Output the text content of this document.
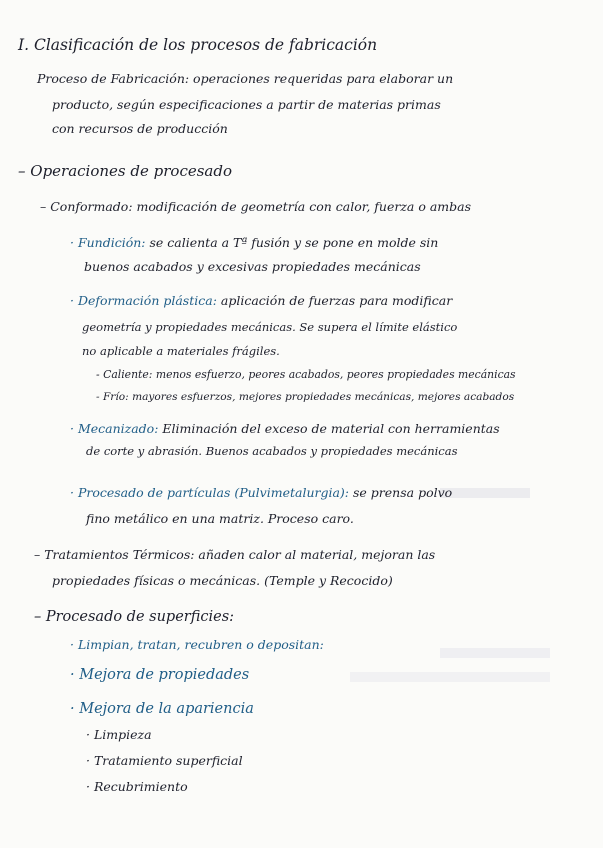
I. Clasificación de los procesos de fabricación
Proceso de Fabricación: operaciones requeridas para elaborar un
producto, según especificaciones a partir de materias primas
con recursos de producción
– Operaciones de procesado
– Conformado: modificación de geometría con calor, fuerza o ambas
· Fundición: se calienta a Tª fusión y se pone en molde sin
buenos acabados y excesivas propiedades mecánicas
· Deformación plástica: aplicación de fuerzas para modificar
geometría y propiedades mecánicas. Se supera el límite elástico
no aplicable a materiales frágiles.
- Caliente: menos esfuerzo, peores acabados, peores propiedades mecánicas
- Frío: mayores esfuerzos, mejores propiedades mecánicas, mejores acabados
· Mecanizado: Eliminación del exceso de material con herramientas
de corte y abrasión. Buenos acabados y propiedades mecánicas
· Procesado de partículas (Pulvimetalurgia): se prensa polvo
fino metálico en una matriz. Proceso caro.
– Tratamientos Térmicos: añaden calor al material, mejoran las
propiedades físicas o mecánicas. (Temple y Recocido)
– Procesado de superficies:
· Limpian, tratan, recubren o depositan:
· Mejora de propiedades
· Mejora de la apariencia
· Limpieza
· Tratamiento superficial
· Recubrimiento
